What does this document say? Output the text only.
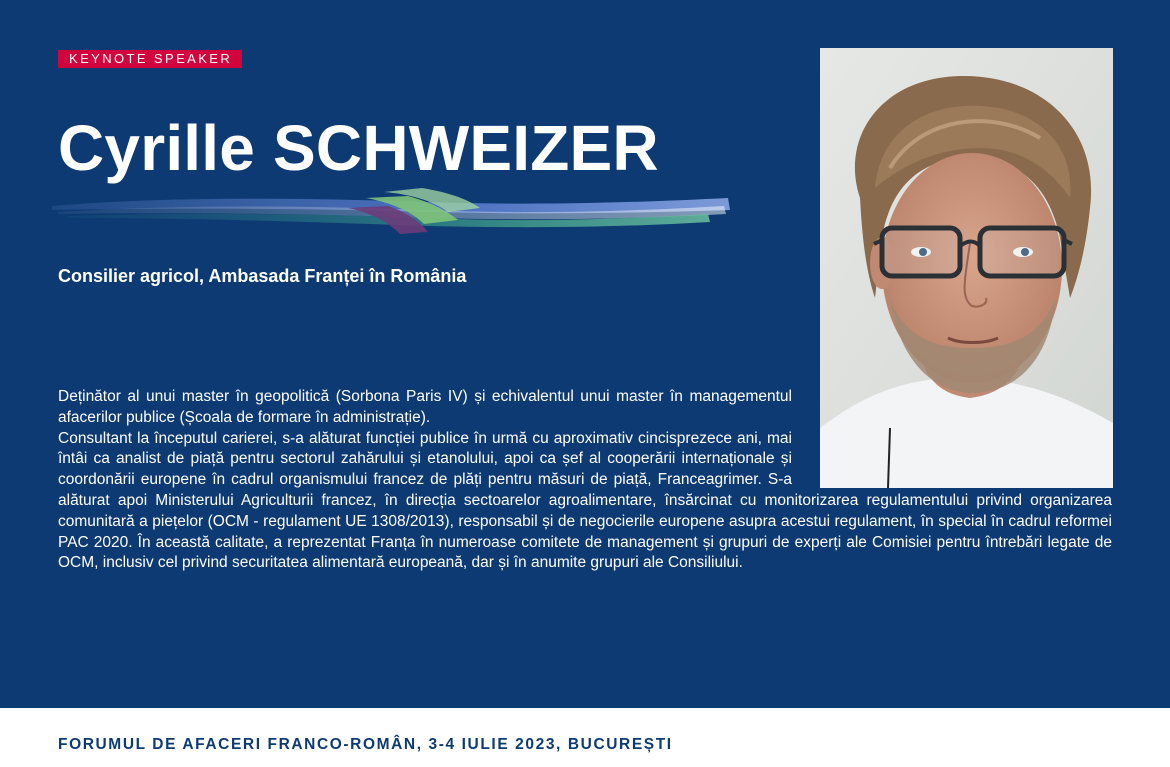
KEYNOTE SPEAKER
Cyrille SCHWEIZER
Consilier agricol, Ambasada Franței în România

Deținător al unui master în geopolitică (Sorbona Paris IV) și echivalentul unui master în managementul afacerilor publice (Școala de formare în administrație).

Consultant la începutul carierei, s-a alăturat funcției publice în urmă cu aproximativ cincisprezece ani, mai întâi ca analist de piață pentru sectorul zahărului și etanolului, apoi ca șef al cooperării internaționale și coordonării europene în cadrul organismului francez de plăți pentru măsuri de piață, Franceagrimer. S-a alăturat apoi Ministerului Agriculturii francez, în direcția sectoarelor agroalimentare, însărcinat cu monitorizarea regulamentului privind organizarea comunitară a piețelor (OCM - regulament UE 1308/2013), responsabil și de negocierile europene asupra acestui regulament, în special în cadrul reformei PAC 2020. În această calitate, a reprezentat Franța în numeroase comitete de management și grupuri de experți ale Comisiei pentru întrebări legate de OCM, inclusiv cel privind securitatea alimentară europeană, dar și în anumite grupuri ale Consiliului.

FORUMUL DE AFACERI FRANCO-ROMÂN, 3-4 IULIE 2023, BUCUREȘTI
